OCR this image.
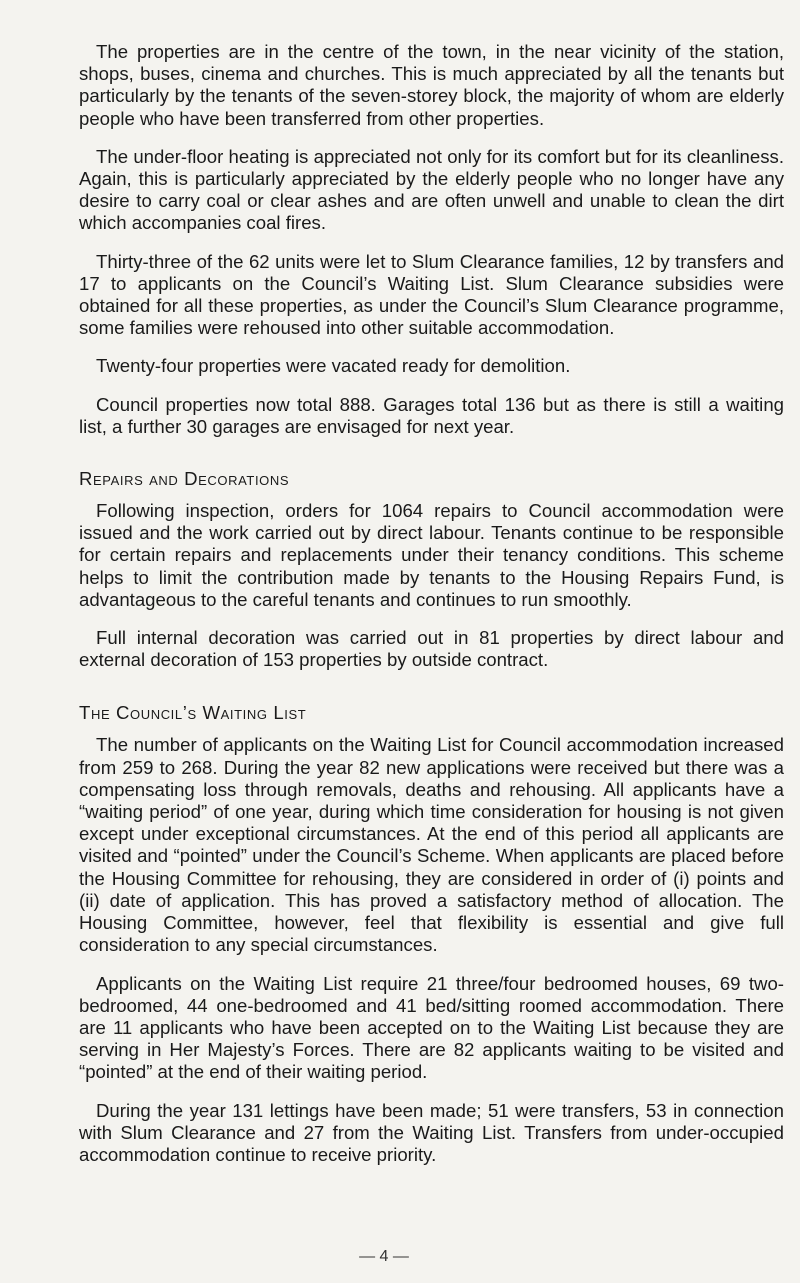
The properties are in the centre of the town, in the near vicinity of the station, shops, buses, cinema and churches. This is much appreciated by all the tenants but particularly by the tenants of the seven-storey block, the majority of whom are elderly people who have been transferred from other properties.

The under-floor heating is appreciated not only for its comfort but for its cleanliness. Again, this is particularly appreciated by the elderly people who no longer have any desire to carry coal or clear ashes and are often unwell and unable to clean the dirt which accompanies coal fires.

Thirty-three of the 62 units were let to Slum Clearance families, 12 by transfers and 17 to applicants on the Council’s Waiting List. Slum Clearance subsidies were obtained for all these properties, as under the Council’s Slum Clearance programme, some families were rehoused into other suitable accommodation.

Twenty-four properties were vacated ready for demolition.

Council properties now total 888. Garages total 136 but as there is still a waiting list, a further 30 garages are envisaged for next year.

Repairs and Decorations

Following inspection, orders for 1064 repairs to Council accommodation were issued and the work carried out by direct labour. Tenants continue to be responsible for certain repairs and replacements under their tenancy conditions. This scheme helps to limit the contribution made by tenants to the Housing Repairs Fund, is advantageous to the careful tenants and continues to run smoothly.

Full internal decoration was carried out in 81 properties by direct labour and external decoration of 153 properties by outside contract.

The Council’s Waiting List

The number of applicants on the Waiting List for Council accommodation increased from 259 to 268. During the year 82 new applications were received but there was a compensating loss through removals, deaths and rehousing. All applicants have a “waiting period” of one year, during which time consideration for housing is not given except under exceptional circumstances. At the end of this period all applicants are visited and “pointed” under the Council’s Scheme. When applicants are placed before the Housing Committee for rehousing, they are considered in order of (i) points and (ii) date of application. This has proved a satisfactory method of allocation. The Housing Committee, however, feel that flexibility is essential and give full consideration to any special circumstances.

Applicants on the Waiting List require 21 three/four bedroomed houses, 69 two-bedroomed, 44 one-bedroomed and 41 bed/sitting roomed accommodation. There are 11 applicants who have been accepted on to the Waiting List because they are serving in Her Majesty’s Forces. There are 82 applicants waiting to be visited and “pointed” at the end of their waiting period.

During the year 131 lettings have been made; 51 were transfers, 53 in connection with Slum Clearance and 27 from the Waiting List. Transfers from under-occupied accommodation continue to receive priority.

— 4 —
